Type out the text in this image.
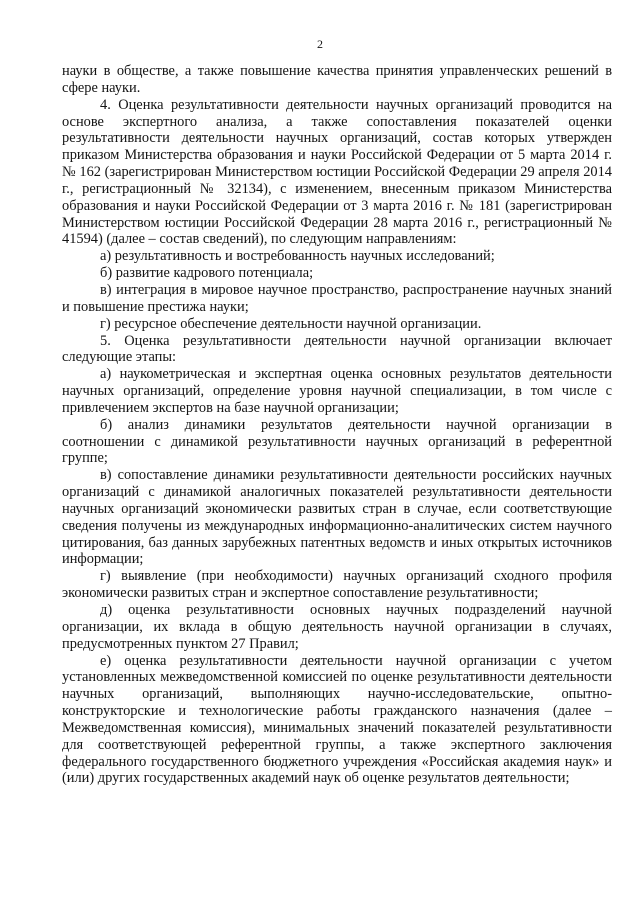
2

науки в обществе, а также повышение качества принятия управленческих решений в сфере науки.

4. Оценка результативности деятельности научных организаций проводится на основе экспертного анализа, а также сопоставления показателей оценки результативности деятельности научных организаций, состав которых утвержден приказом Министерства образования и науки Российской Федерации от 5 марта 2014 г. № 162 (зарегистрирован Министерством юстиции Российской Федерации 29 апреля 2014 г., регистрационный № 32134), с изменением, внесенным приказом Министерства образования и науки Российской Федерации от 3 марта 2016 г. № 181 (зарегистрирован Министерством юстиции Российской Федерации 28 марта 2016 г., регистрационный № 41594) (далее – состав сведений), по следующим направлениям:

а) результативность и востребованность научных исследований;

б) развитие кадрового потенциала;

в) интеграция в мировое научное пространство, распространение научных знаний и повышение престижа науки;

г) ресурсное обеспечение деятельности научной организации.

5. Оценка результативности деятельности научной организации включает следующие этапы:

а) наукометрическая и экспертная оценка основных результатов деятельности научных организаций, определение уровня научной специализации, в том числе с привлечением экспертов на базе научной организации;

б) анализ динамики результатов деятельности научной организации в соотношении с динамикой результативности научных организаций в референтной группе;

в) сопоставление динамики результативности деятельности российских научных организаций с динамикой аналогичных показателей результативности деятельности научных организаций экономически развитых стран в случае, если соответствующие сведения получены из международных информационно-аналитических систем научного цитирования, баз данных зарубежных патентных ведомств и иных открытых источников информации;

г) выявление (при необходимости) научных организаций сходного профиля экономически развитых стран и экспертное сопоставление результативности;

д) оценка результативности основных научных подразделений научной организации, их вклада в общую деятельность научной организации в случаях, предусмотренных пунктом 27 Правил;

е) оценка результативности деятельности научной организации с учетом установленных межведомственной комиссией по оценке результативности деятельности научных организаций, выполняющих научно-исследовательские, опытно-конструкторские и технологические работы гражданского назначения (далее – Межведомственная комиссия), минимальных значений показателей результативности для соответствующей референтной группы, а также экспертного заключения федерального государственного бюджетного учреждения «Российская академия наук» и (или) других государственных академий наук об оценке результатов деятельности;
